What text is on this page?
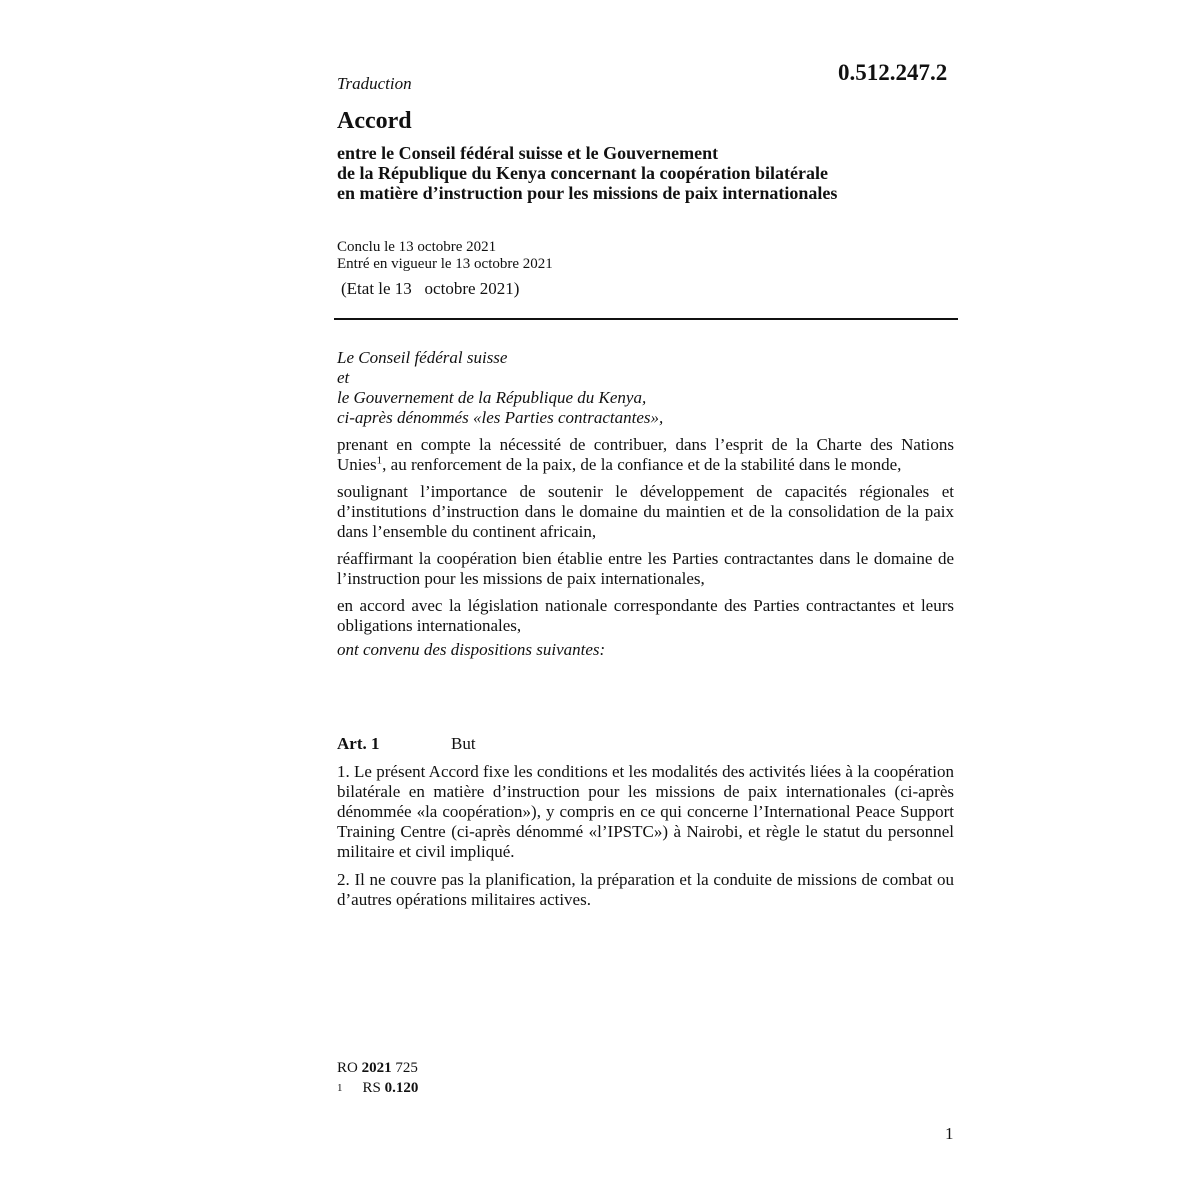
Traduction	0.512.247.2
Accord
entre le Conseil fédéral suisse et le Gouvernement
de la République du Kenya concernant la coopération bilatérale
en matière d’instruction pour les missions de paix internationales
Conclu le 13 octobre 2021
Entré en vigueur le 13 octobre 2021
(Etat le 13   octobre 2021)
Le Conseil fédéral suisse
et
le Gouvernement de la République du Kenya,
ci-après dénommés «les Parties contractantes»,
prenant en compte la nécessité de contribuer, dans l’esprit de la Charte des Nations Unies$^1$, au renforcement de la paix, de la confiance et de la stabilité dans le monde,
soulignant l’importance de soutenir le développement de capacités régionales et d’institutions d’instruction dans le domaine du maintien et de la consolidation de la paix dans l’ensemble du continent africain,
réaffirmant la coopération bien établie entre les Parties contractantes dans le domaine de l’instruction pour les missions de paix internationales,
en accord avec la législation nationale correspondante des Parties contractantes et leurs obligations internationales,
ont convenu des dispositions suivantes:
Art. 1	But
1. Le présent Accord fixe les conditions et les modalités des activités liées à la coopération bilatérale en matière d’instruction pour les missions de paix internationales (ci-après dénommée «la coopération»), y compris en ce qui concerne l’International Peace Support Training Centre (ci-après dénommé «l’IPSTC») à Nairobi, et règle le statut du personnel militaire et civil impliqué.
2. Il ne couvre pas la planification, la préparation et la conduite de missions de combat ou d’autres opérations militaires actives.
RO 2021 725
$^1$ RS 0.120
1
